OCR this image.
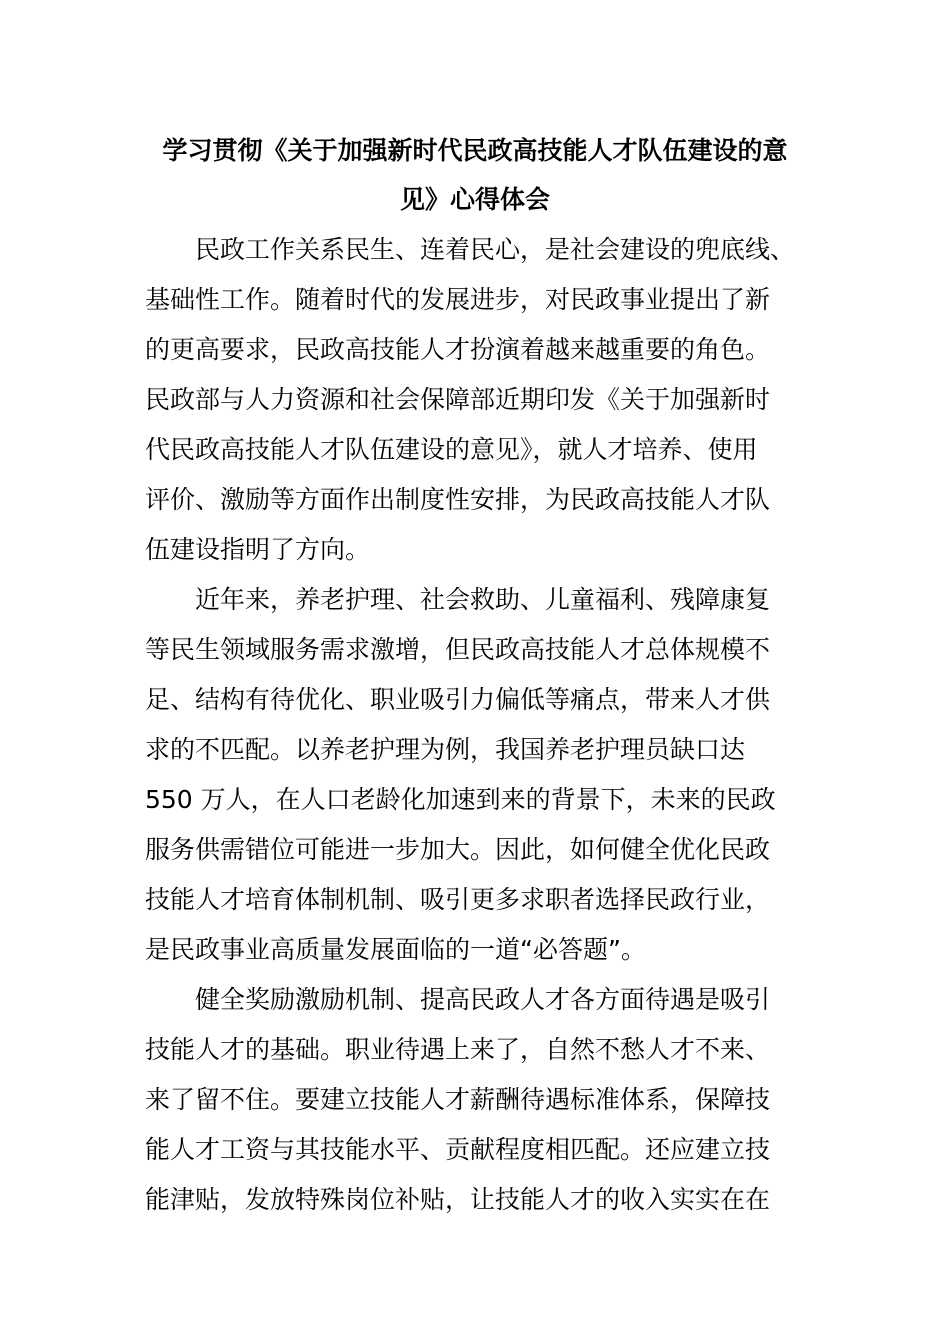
学习贯彻《关于加强新时代民政高技能人才队伍建设的意
见》心得体会
民政工作关系民生、连着民心，是社会建设的兜底线、
基础性工作。随着时代的发展进步，对民政事业提出了新
的更高要求，民政高技能人才扮演着越来越重要的角色。
民政部与人力资源和社会保障部近期印发《关于加强新时
代民政高技能人才队伍建设的意见》，就人才培养、使用
评价、激励等方面作出制度性安排，为民政高技能人才队
伍建设指明了方向。
近年来，养老护理、社会救助、儿童福利、残障康复
等民生领域服务需求激增，但民政高技能人才总体规模不
足、结构有待优化、职业吸引力偏低等痛点，带来人才供
求的不匹配。以养老护理为例，我国养老护理员缺口达
550 万人，在人口老龄化加速到来的背景下，未来的民政
服务供需错位可能进一步加大。因此，如何健全优化民政
技能人才培育体制机制、吸引更多求职者选择民政行业，
是民政事业高质量发展面临的一道“必答题”。
健全奖励激励机制、提高民政人才各方面待遇是吸引
技能人才的基础。职业待遇上来了，自然不愁人才不来、
来了留不住。要建立技能人才薪酬待遇标准体系，保障技
能人才工资与其技能水平、贡献程度相匹配。还应建立技
能津贴，发放特殊岗位补贴，让技能人才的收入实实在在
